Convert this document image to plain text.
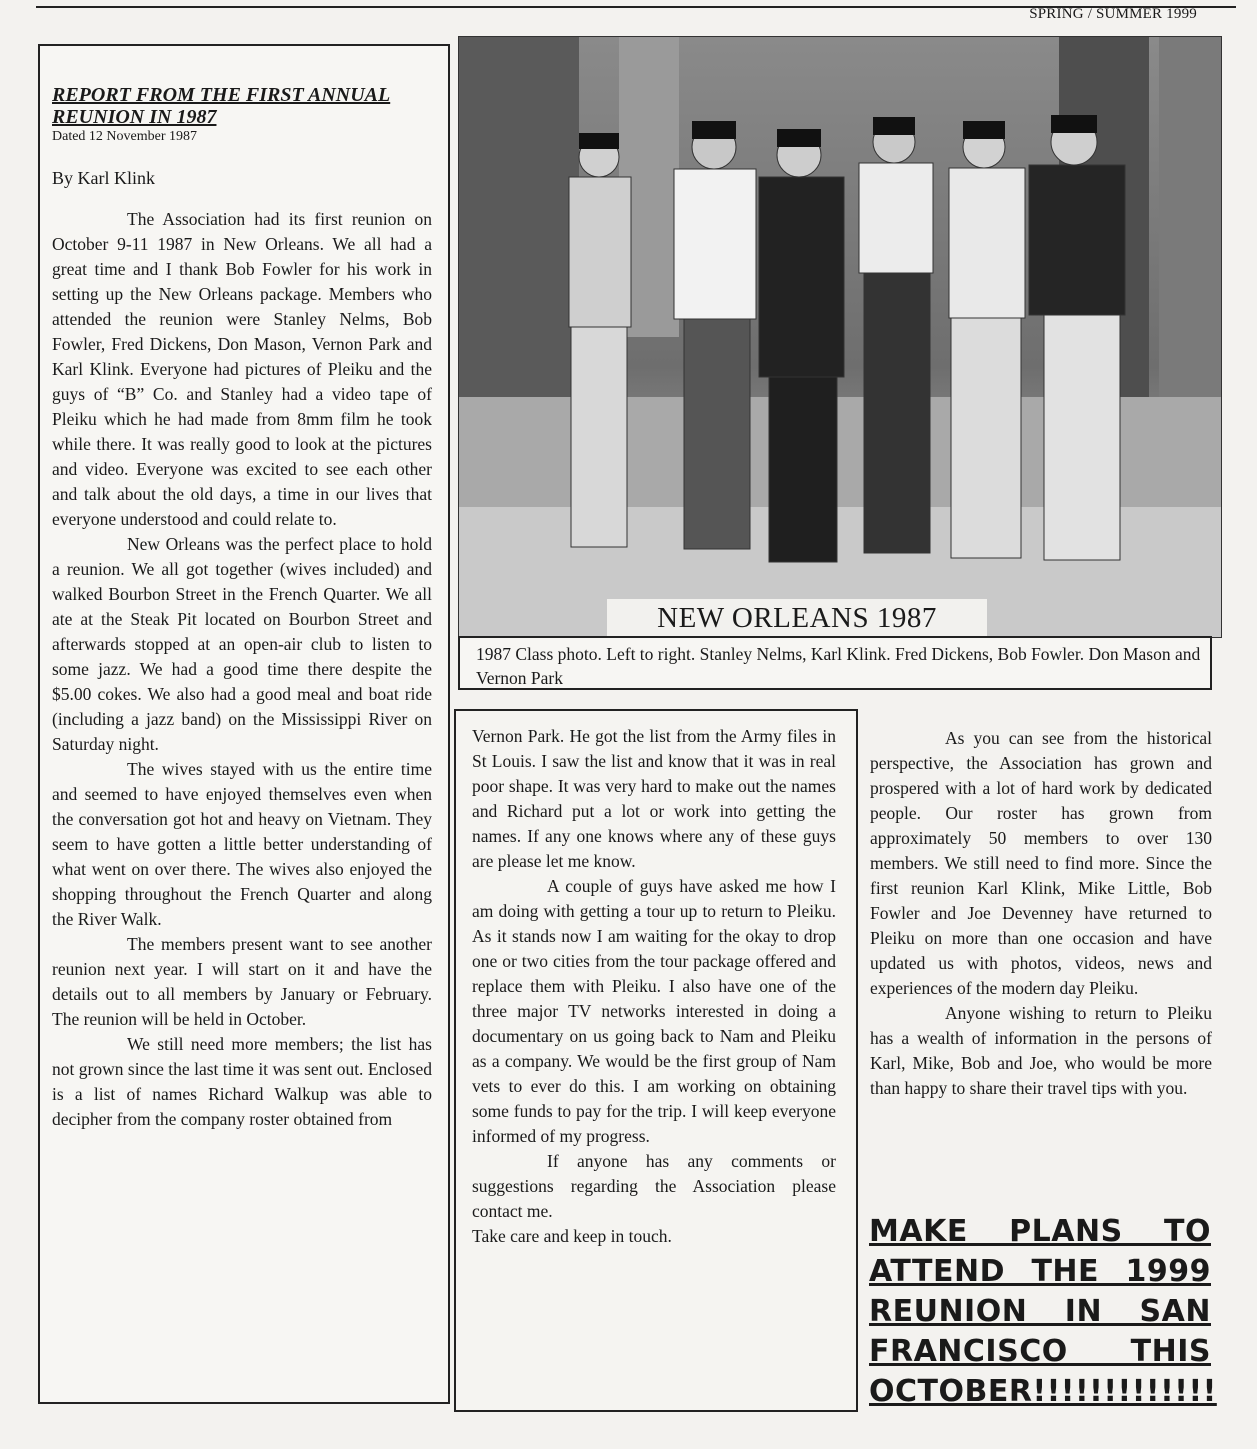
SPRING / SUMMER 1999
REPORT FROM THE FIRST ANNUAL REUNION IN 1987
Dated 12 November 1987
By Karl Klink

The Association had its first reunion on October 9-11 1987 in New Orleans. We all had a great time and I thank Bob Fowler for his work in setting up the New Orleans package. Members who attended the reunion were Stanley Nelms, Bob Fowler, Fred Dickens, Don Mason, Vernon Park and Karl Klink. Everyone had pictures of Pleiku and the guys of “B” Co. and Stanley had a video tape of Pleiku which he had made from 8mm film he took while there. It was really good to look at the pictures and video. Everyone was excited to see each other and talk about the old days, a time in our lives that everyone understood and could relate to.

New Orleans was the perfect place to hold a reunion. We all got together (wives included) and walked Bourbon Street in the French Quarter. We all ate at the Steak Pit located on Bourbon Street and afterwards stopped at an open-air club to listen to some jazz. We had a good time there despite the $5.00 cokes. We also had a good meal and boat ride (including a jazz band) on the Mississippi River on Saturday night.

The wives stayed with us the entire time and seemed to have enjoyed themselves even when the conversation got hot and heavy on Vietnam. They seem to have gotten a little better understanding of what went on over there. The wives also enjoyed the shopping throughout the French Quarter and along the River Walk.

The members present want to see another reunion next year. I will start on it and have the details out to all members by January or February. The reunion will be held in October.

We still need more members; the list has not grown since the last time it was sent out. Enclosed is a list of names Richard Walkup was able to decipher from the company roster obtained from

NEW ORLEANS 1987
1987 Class photo. Left to right. Stanley Nelms, Karl Klink. Fred Dickens, Bob Fowler. Don Mason and Vernon Park

Vernon Park. He got the list from the Army files in St Louis. I saw the list and know that it was in real poor shape. It was very hard to make out the names and Richard put a lot or work into getting the names. If any one knows where any of these guys are please let me know.

A couple of guys have asked me how I am doing with getting a tour up to return to Pleiku. As it stands now I am waiting for the okay to drop one or two cities from the tour package offered and replace them with Pleiku. I also have one of the three major TV networks interested in doing a documentary on us going back to Nam and Pleiku as a company. We would be the first group of Nam vets to ever do this. I am working on obtaining some funds to pay for the trip. I will keep everyone informed of my progress.

If anyone has any comments or suggestions regarding the Association please contact me.

Take care and keep in touch.

As you can see from the historical perspective, the Association has grown and prospered with a lot of hard work by dedicated people. Our roster has grown from approximately 50 members to over 130 members. We still need to find more. Since the first reunion Karl Klink, Mike Little, Bob Fowler and Joe Devenney have returned to Pleiku on more than one occasion and have updated us with photos, videos, news and experiences of the modern day Pleiku.

Anyone wishing to return to Pleiku has a wealth of information in the persons of Karl, Mike, Bob and Joe, who would be more than happy to share their travel tips with you.

MAKE PLANS TO ATTEND THE 1999 REUNION IN SAN FRANCISCO THIS OCTOBER!!!!!!!!!!!!!
